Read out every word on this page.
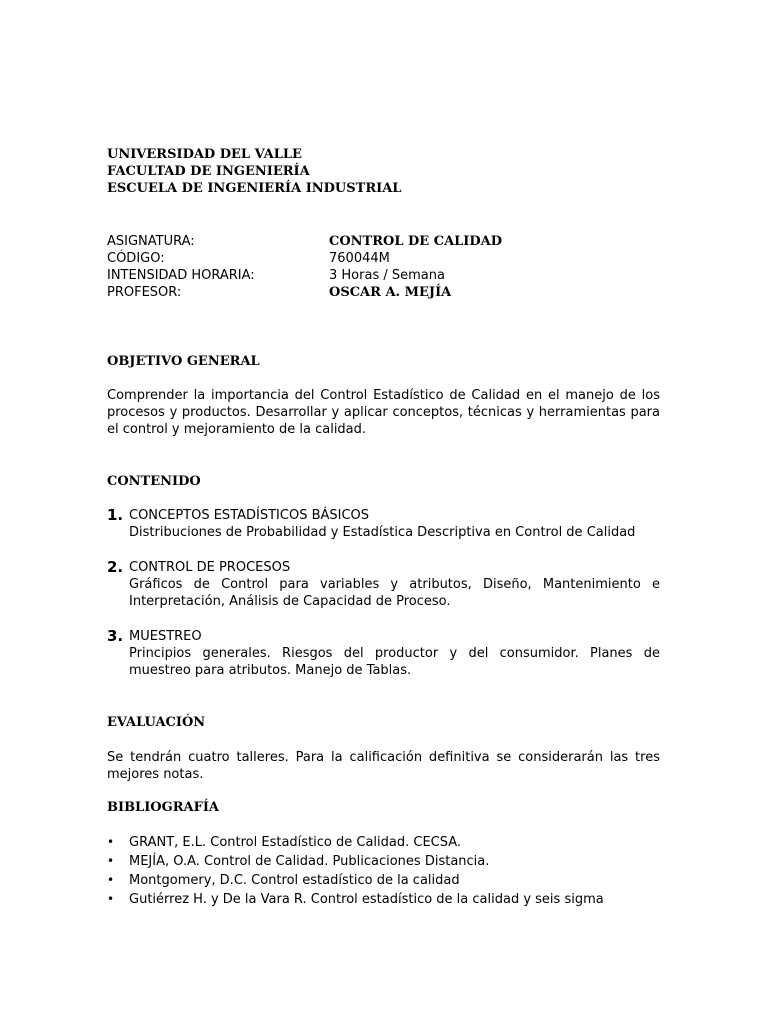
UNIVERSIDAD DEL VALLE
FACULTAD DE INGENIERÍA
ESCUELA DE INGENIERÍA INDUSTRIAL
ASIGNATURA:	CONTROL DE CALIDAD
CÓDIGO:	760044M
INTENSIDAD HORARIA:	3 Horas / Semana
PROFESOR:	OSCAR A. MEJÍA
OBJETIVO GENERAL
Comprender la importancia del Control Estadístico de Calidad en el manejo de los procesos y productos. Desarrollar y aplicar conceptos, técnicas y herramientas para el control y mejoramiento de la calidad.
CONTENIDO
1. CONCEPTOS ESTADÍSTICOS BÁSICOS
Distribuciones de Probabilidad y Estadística Descriptiva en Control de Calidad
2. CONTROL DE PROCESOS
Gráficos de Control para variables y atributos, Diseño, Mantenimiento e Interpretación, Análisis de Capacidad de Proceso.
3. MUESTREO
Principios generales. Riesgos del productor y del consumidor. Planes de muestreo para atributos. Manejo de Tablas.
EVALUACIÓN
Se tendrán cuatro talleres. Para la calificación definitiva se considerarán las tres mejores notas.
BIBLIOGRAFÍA
• GRANT, E.L. Control Estadístico de Calidad. CECSA.
• MEJÍA, O.A. Control de Calidad. Publicaciones Distancia.
• Montgomery, D.C. Control estadístico de la calidad
• Gutiérrez H. y De la Vara R. Control estadístico de la calidad y seis sigma
